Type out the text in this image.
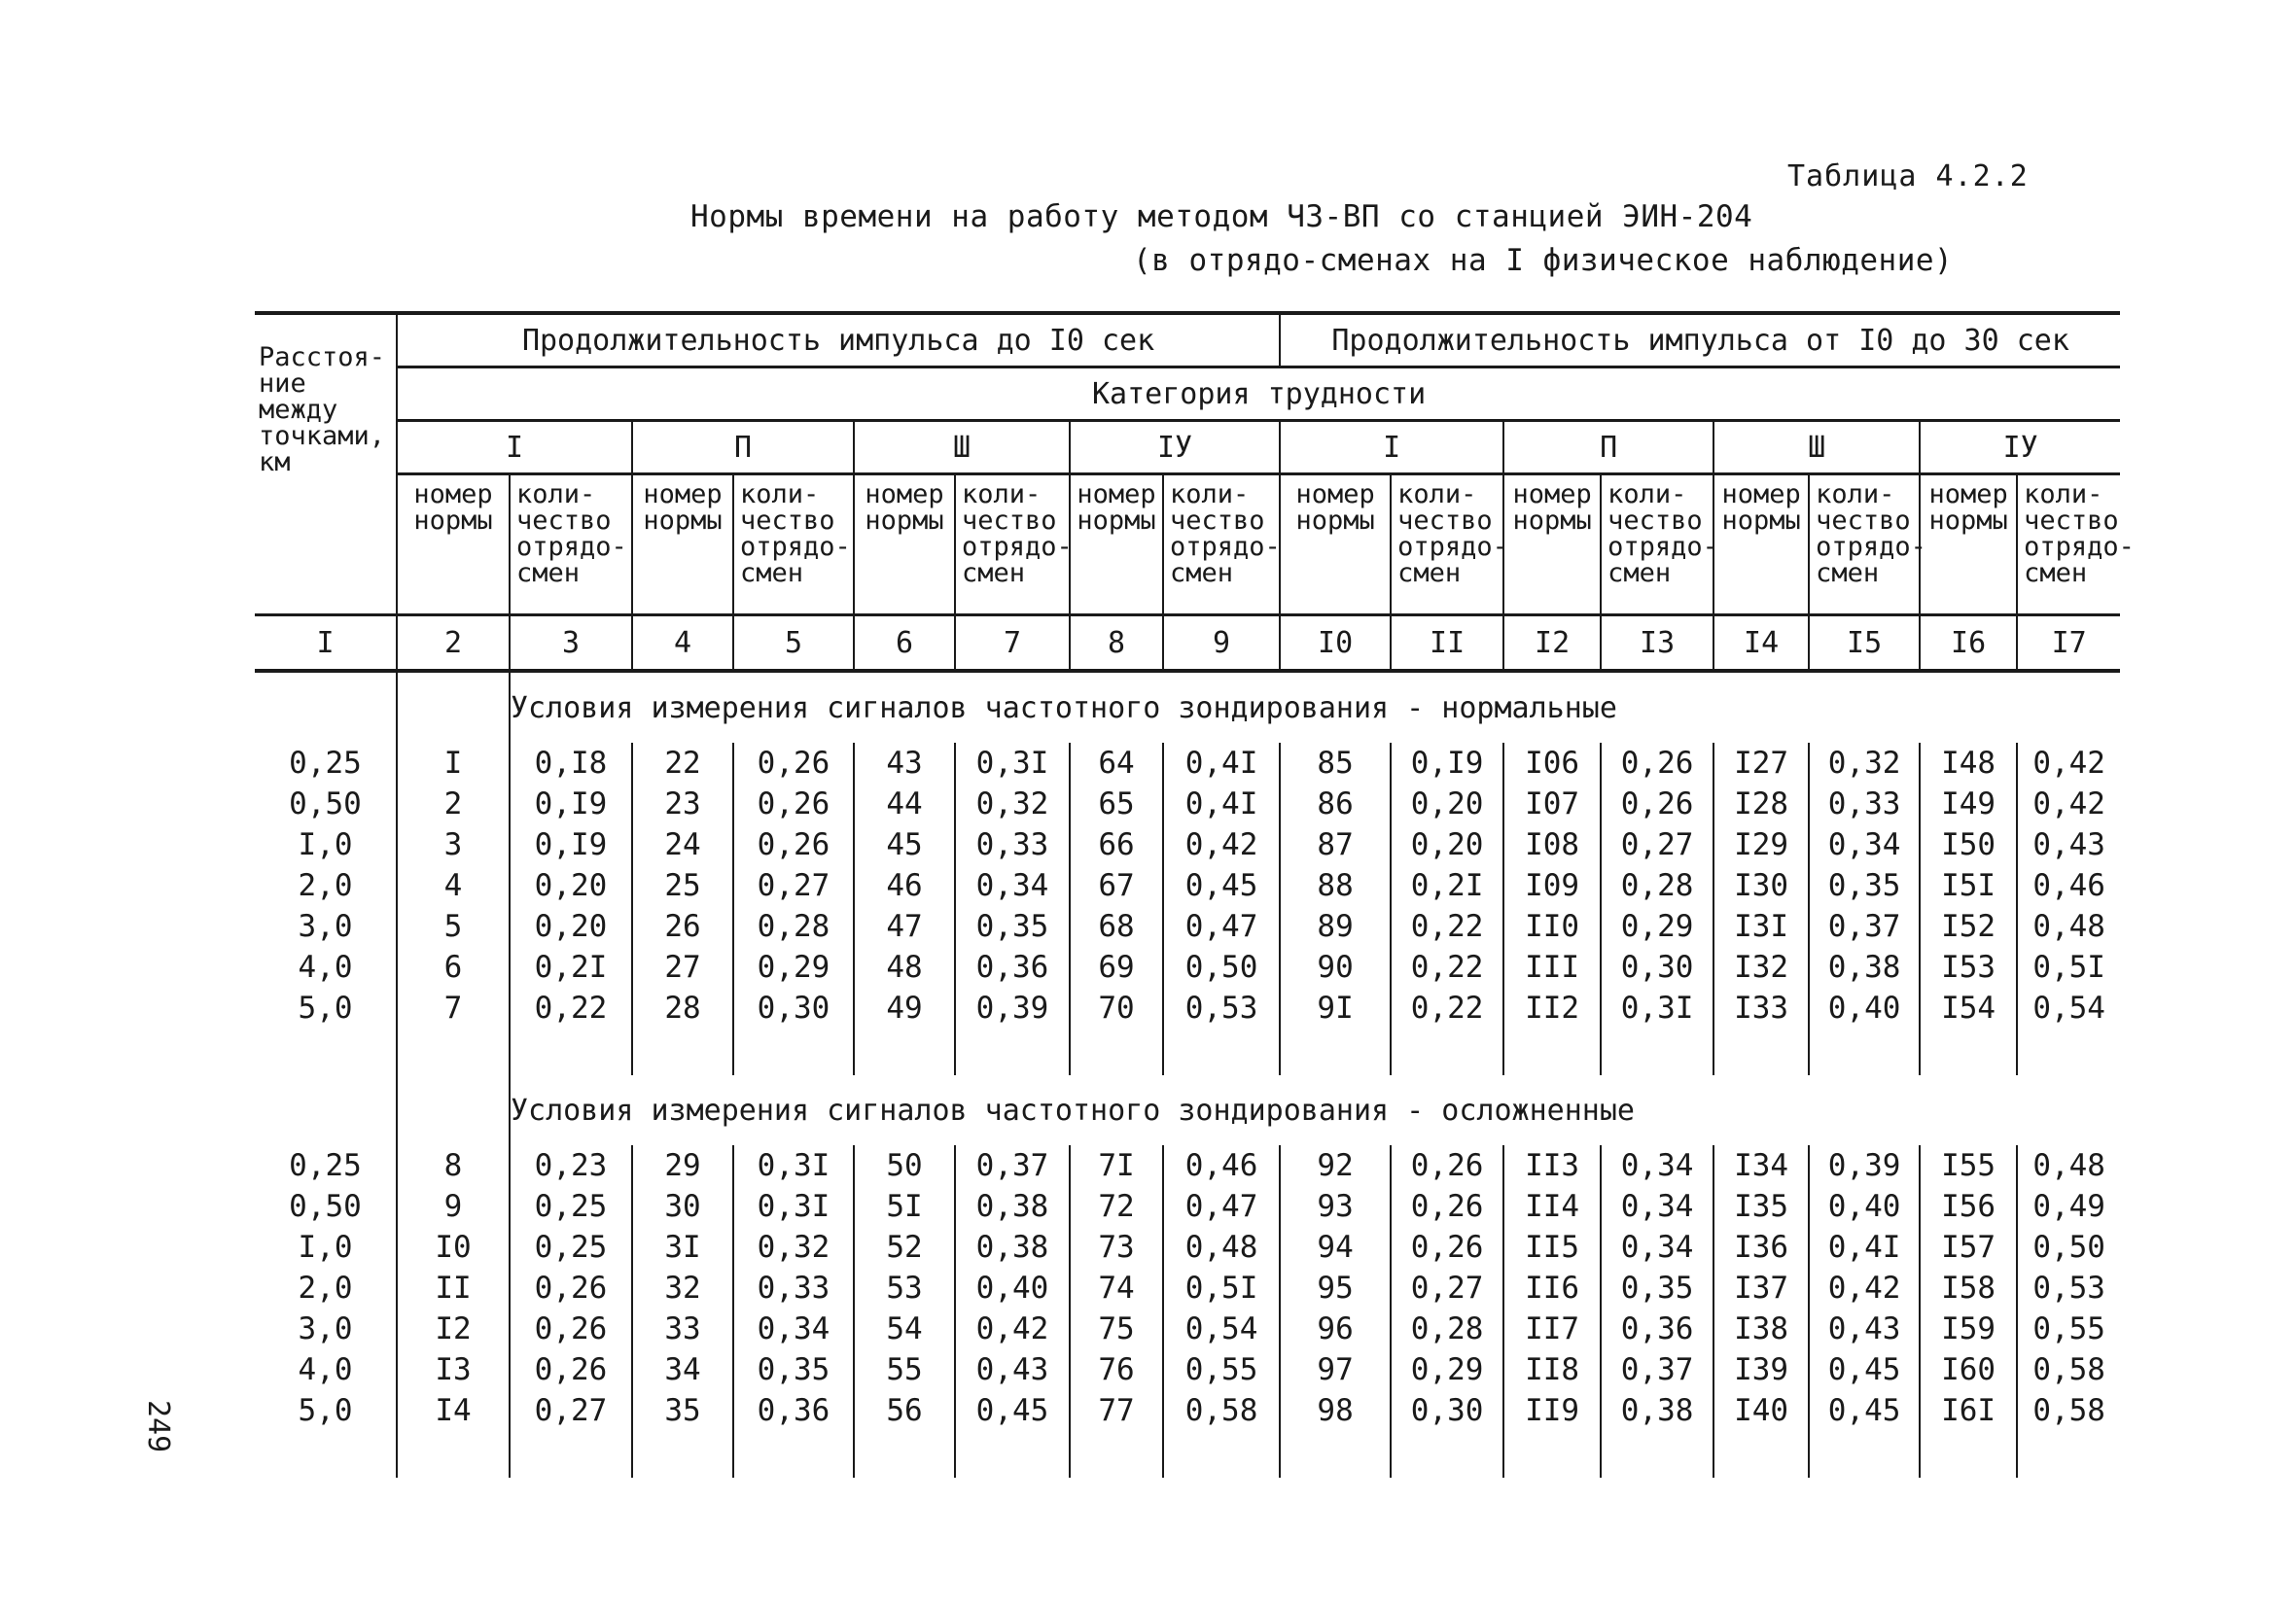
Таблица 4.2.2
Нормы времени на работу методом ЧЗ-ВП со станцией ЭИН-204
(в отрядо-сменах на I физическое наблюдение)
249
Расстоя-
ние
между
точками,
км	Продолжительность импульса до I0 сек								Продолжительность импульса от I0 до 30 сек							
	Категория трудности															
	I		П		Ш		IУ		I		П		Ш		IУ	
	номер
нормы	коли-
чество
отрядо-
смен	номер
нормы	коли-
чество
отрядо-
смен	номер
нормы	коли-
чество
отрядо-
смен	номер
нормы	коли-
чество
отрядо-
смен	номер
нормы	коли-
чество
отрядо-
смен	номер
нормы	коли-
чество
отрядо-
смен	номер
нормы	коли-
чество
отрядо-
смен	номер
нормы	коли-
чество
отрядо-
смен
I	2	3	4	5	6	7	8	9	I0	II	I2	I3	I4	I5	I6	I7
		Условия измерения сигналов частотного зондирования - нормальные														
0,25	I	0,I8	22	0,26	43	0,3I	64	0,4I	85	0,I9	I06	0,26	I27	0,32	I48	0,42
0,50	2	0,I9	23	0,26	44	0,32	65	0,4I	86	0,20	I07	0,26	I28	0,33	I49	0,42
I,0	3	0,I9	24	0,26	45	0,33	66	0,42	87	0,20	I08	0,27	I29	0,34	I50	0,43
2,0	4	0,20	25	0,27	46	0,34	67	0,45	88	0,2I	I09	0,28	I30	0,35	I5I	0,46
3,0	5	0,20	26	0,28	47	0,35	68	0,47	89	0,22	II0	0,29	I3I	0,37	I52	0,48
4,0	6	0,2I	27	0,29	48	0,36	69	0,50	90	0,22	III	0,30	I32	0,38	I53	0,5I
5,0	7	0,22	28	0,30	49	0,39	70	0,53	9I	0,22	II2	0,3I	I33	0,40	I54	0,54

		Условия измерения сигналов частотного зондирования - осложненные														
0,25	8	0,23	29	0,3I	50	0,37	7I	0,46	92	0,26	II3	0,34	I34	0,39	I55	0,48
0,50	9	0,25	30	0,3I	5I	0,38	72	0,47	93	0,26	II4	0,34	I35	0,40	I56	0,49
I,0	I0	0,25	3I	0,32	52	0,38	73	0,48	94	0,26	II5	0,34	I36	0,4I	I57	0,50
2,0	II	0,26	32	0,33	53	0,40	74	0,5I	95	0,27	II6	0,35	I37	0,42	I58	0,53
3,0	I2	0,26	33	0,34	54	0,42	75	0,54	96	0,28	II7	0,36	I38	0,43	I59	0,55
4,0	I3	0,26	34	0,35	55	0,43	76	0,55	97	0,29	II8	0,37	I39	0,45	I60	0,58
5,0	I4	0,27	35	0,36	56	0,45	77	0,58	98	0,30	II9	0,38	I40	0,45	I6I	0,58
